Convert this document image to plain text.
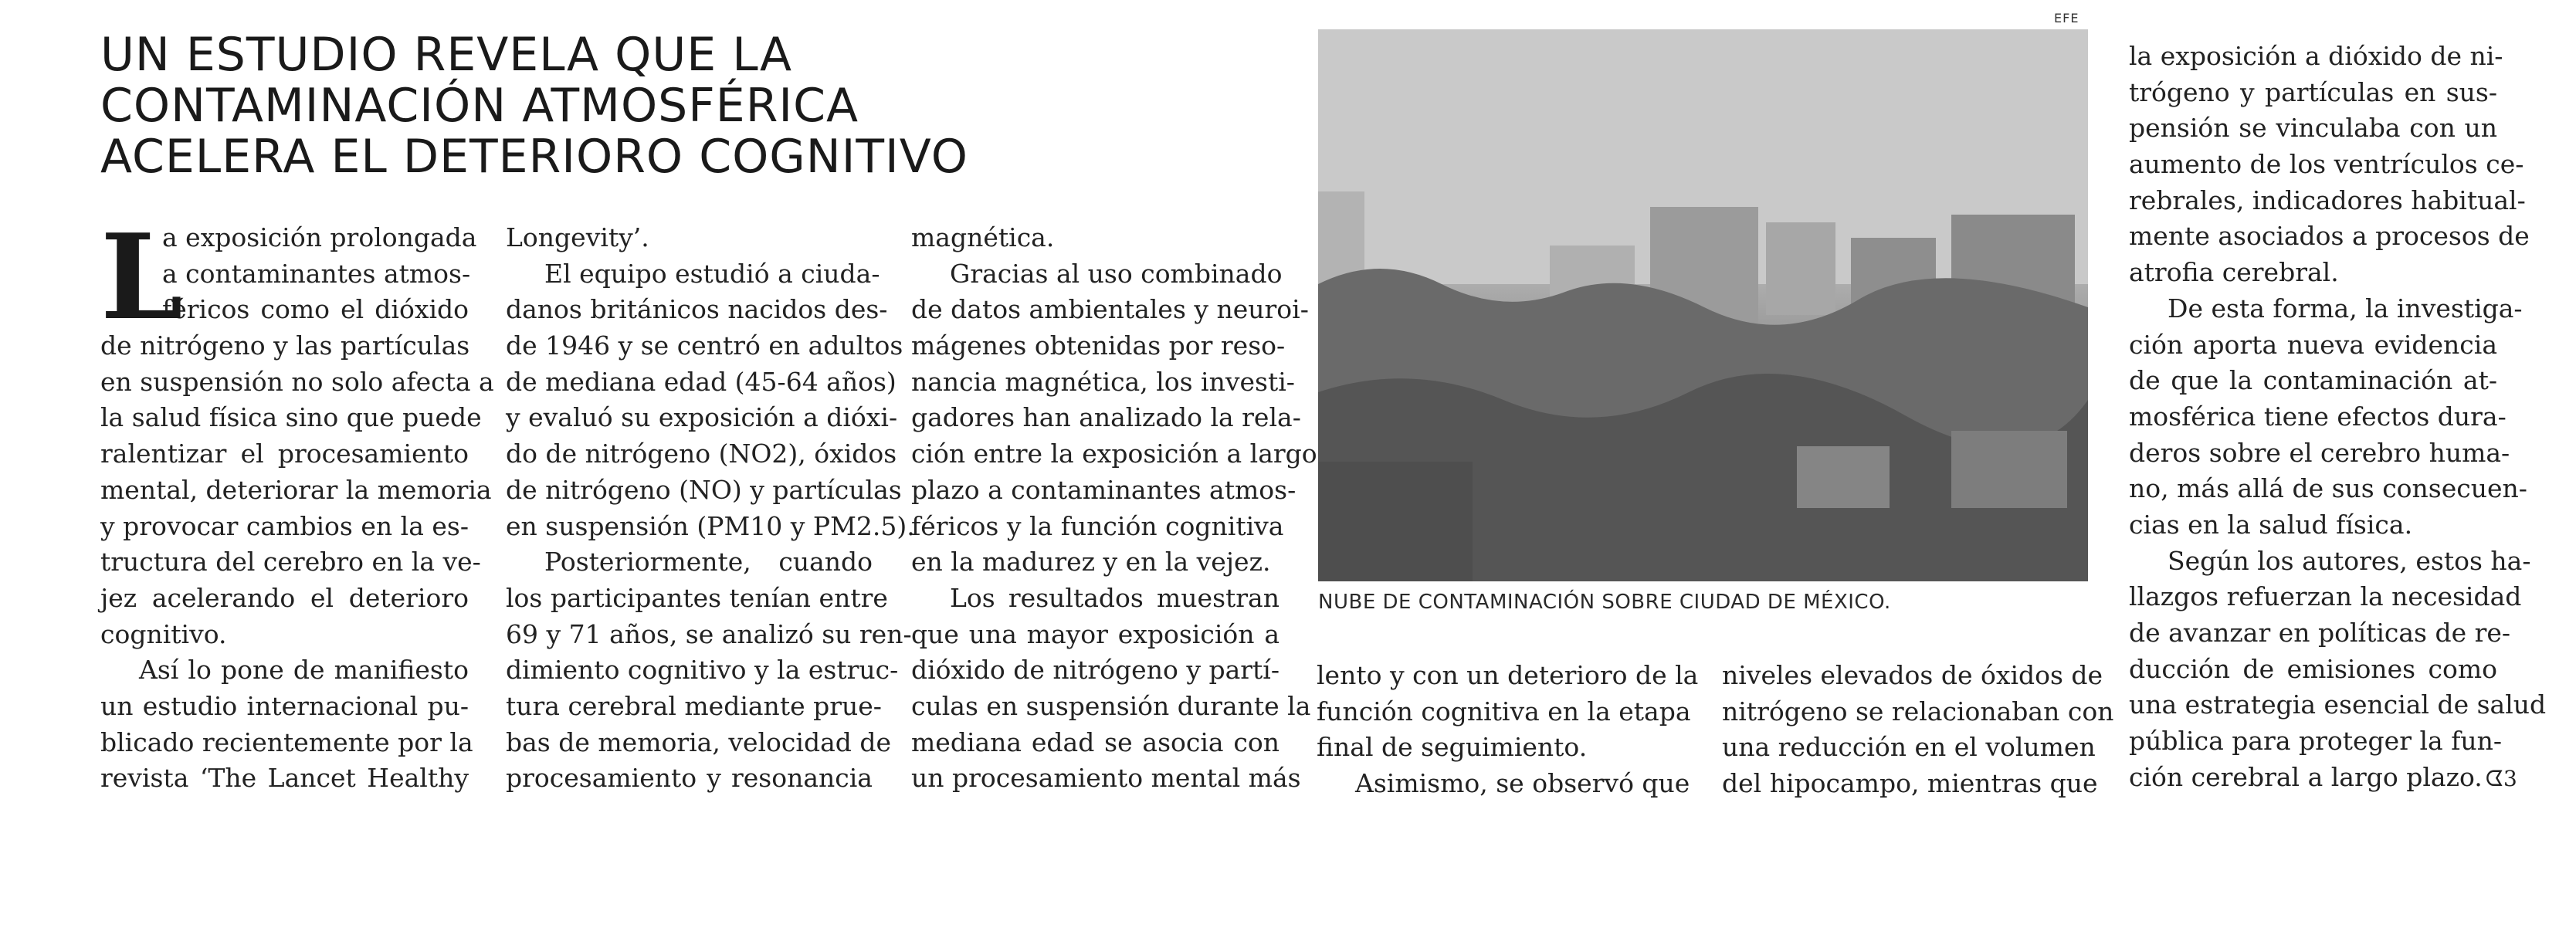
UN ESTUDIO REVELA QUE LA
CONTAMINACIÓN ATMOSFÉRICA
ACELERA EL DETERIORO COGNITIVO
L
a exposición prolongada
a contaminantes atmos-
féricos como el dióxido
de nitrógeno y las partículas
en suspensión no solo afecta a
la salud física sino que puede
ralentizar el procesamiento
mental, deteriorar la memoria
y provocar cambios en la es-
tructura del cerebro en la ve-
jez acelerando el deterioro
cognitivo.
Así lo pone de manifiesto
un estudio internacional pu-
blicado recientemente por la
revista ‘The Lancet Healthy
Longevity’.
El equipo estudió a ciuda-
danos británicos nacidos des-
de 1946 y se centró en adultos
de mediana edad (45-64 años)
y evaluó su exposición a dióxi-
do de nitrógeno (NO2), óxidos
de nitrógeno (NO) y partículas
en suspensión (PM10 y PM2.5).
Posteriormente, cuando
los participantes tenían entre
69 y 71 años, se analizó su ren-
dimiento cognitivo y la estruc-
tura cerebral mediante prue-
bas de memoria, velocidad de
procesamiento y resonancia
magnética.
Gracias al uso combinado
de datos ambientales y neuroi-
mágenes obtenidas por reso-
nancia magnética, los investi-
gadores han analizado la rela-
ción entre la exposición a largo
plazo a contaminantes atmos-
féricos y la función cognitiva
en la madurez y en la vejez.
Los resultados muestran
que una mayor exposición a
dióxido de nitrógeno y partí-
culas en suspensión durante la
mediana edad se asocia con
un procesamiento mental más
EFE
NUBE DE CONTAMINACIÓN SOBRE CIUDAD DE MÉXICO.
lento y con un deterioro de la
función cognitiva en la etapa
final de seguimiento.
Asimismo, se observó que
niveles elevados de óxidos de
nitrógeno se relacionaban con
una reducción en el volumen
del hipocampo, mientras que
la exposición a dióxido de ni-
trógeno y partículas en sus-
pensión se vinculaba con un
aumento de los ventrículos ce-
rebrales, indicadores habitual-
mente asociados a procesos de
atrofia cerebral.
De esta forma, la investiga-
ción aporta nueva evidencia
de que la contaminación at-
mosférica tiene efectos dura-
deros sobre el cerebro huma-
no, más allá de sus consecuen-
cias en la salud física.
Según los autores, estos ha-
llazgos refuerzan la necesidad
de avanzar en políticas de re-
ducción de emisiones como
una estrategia esencial de salud
pública para proteger la fun-
ción cerebral a largo plazo. ᗧ3
